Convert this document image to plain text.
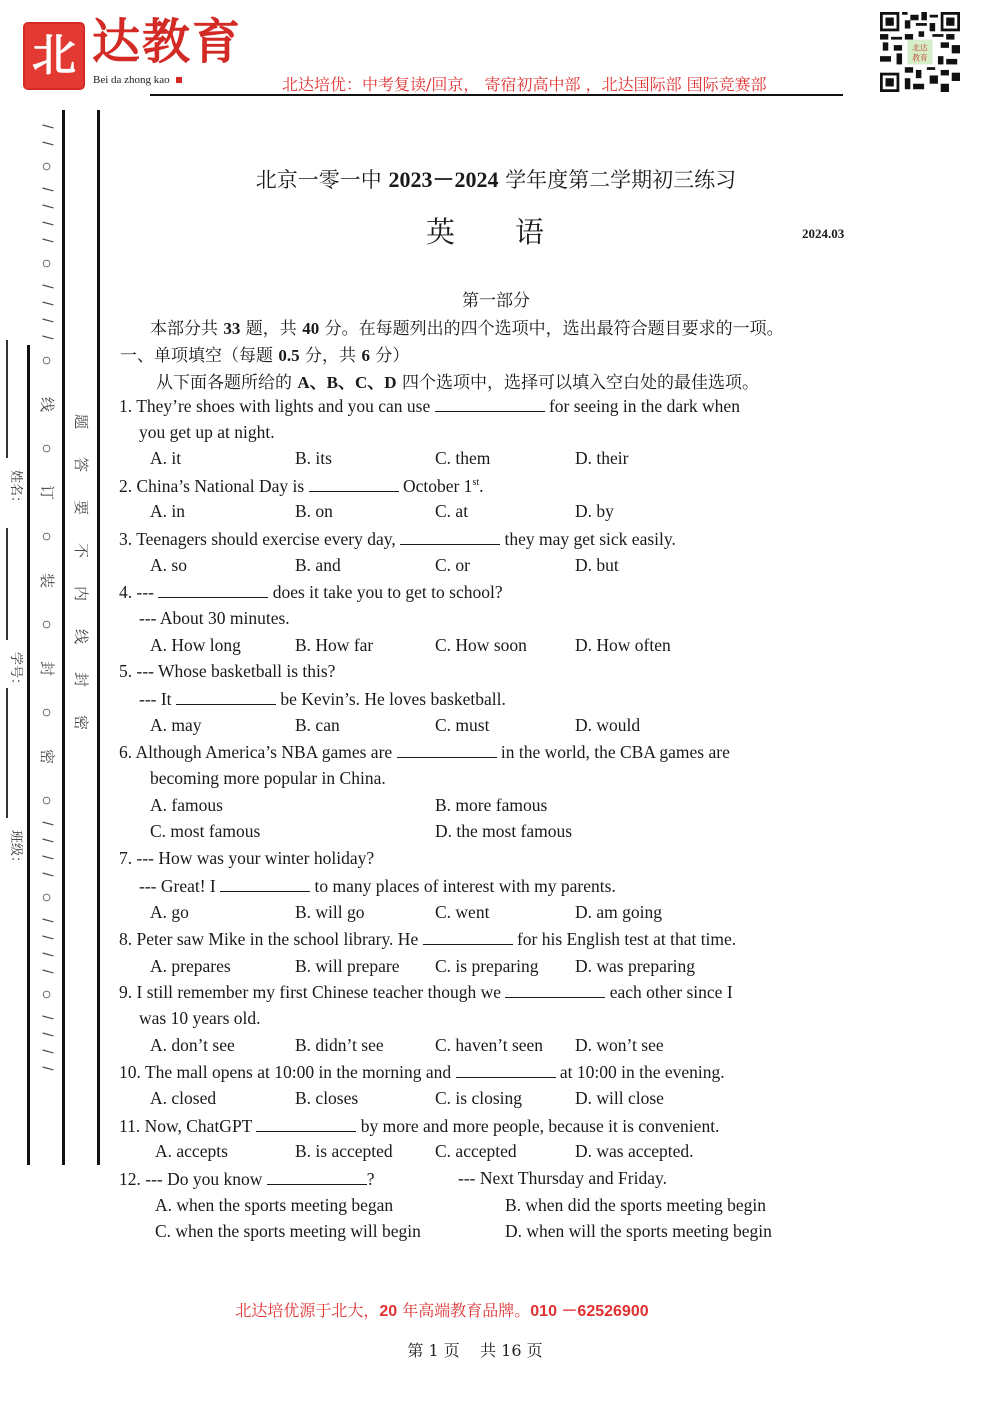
北 达教育
Bei da zhong kao	北达培优：中考复读/回京， 寄宿初高中部 ，北达国际部 国际竞赛部
北达
教育
姓名：
学号：
班级：
/
/
○
/
/
/
/
○
/
/
/
/
○
线
○
订
○
装
○
封
○
密
○
/
/
/
/
○
/
/
/
/
○
/
/
/
/
题
答
要
不
内
线
封
密
北京一零一中 2023－2024 学年度第二学期初三练习
英语	2024.03
第一部分
本部分共 33 题，共 40 分。在每题列出的四个选项中，选出最符合题目要求的一项。
一、单项填空（每题 0.5 分，共 6 分）
从下面各题所给的 A、B、C、D 四个选项中，选择可以填入空白处的最佳选项。
1. They’re shoes with lights and you can use	for seeing in the dark when
you get up at night.
A. it	B. its	C. them	D. their
2. China’s National Day is	October 1st.
A. in	B. on	C. at	D. by
3. Teenagers should exercise every day,	they may get sick easily.
A. so	B. and	C. or	D. but
4. ---	does it take you to get to school?
--- About 30 minutes.
A. How long	B. How far	C. How soon	D. How often
5. --- Whose basketball is this?
--- It	be Kevin’s. He loves basketball.
A. may	B. can	C. must	D. would
6. Although America’s NBA games are	in the world, the CBA games are
becoming more popular in China.
A. famous	B. more famous
C. most famous	D. the most famous
7. --- How was your winter holiday?
--- Great! I	to many places of interest with my parents.
A. go	B. will go	C. went	D. am going
8. Peter saw Mike in the school library. He	for his English test at that time.
A. prepares	B. will prepare C. is preparing D. was preparing
9. I still remember my first Chinese teacher though we	each other since I
was 10 years old.
A. don’t see	B. didn’t see	C. haven’t seen D. won’t see
10. The mall opens at 10:00 in the morning and	at 10:00 in the evening.
A. closed	B. closes	C. is closing	D. will close
11. Now, ChatGPT	by more and more people, because it is convenient.
A. accepts	B. is accepted C. accepted	D. was accepted.
12. --- Do you know	?	--- Next Thursday and Friday.
A. when the sports meeting began	B. when did the sports meeting begin
C. when the sports meeting will begin	D. when will the sports meeting begin
北达培优源于北大，20 年高端教育品牌。010 －62526900
第 1 页    共 16 页
